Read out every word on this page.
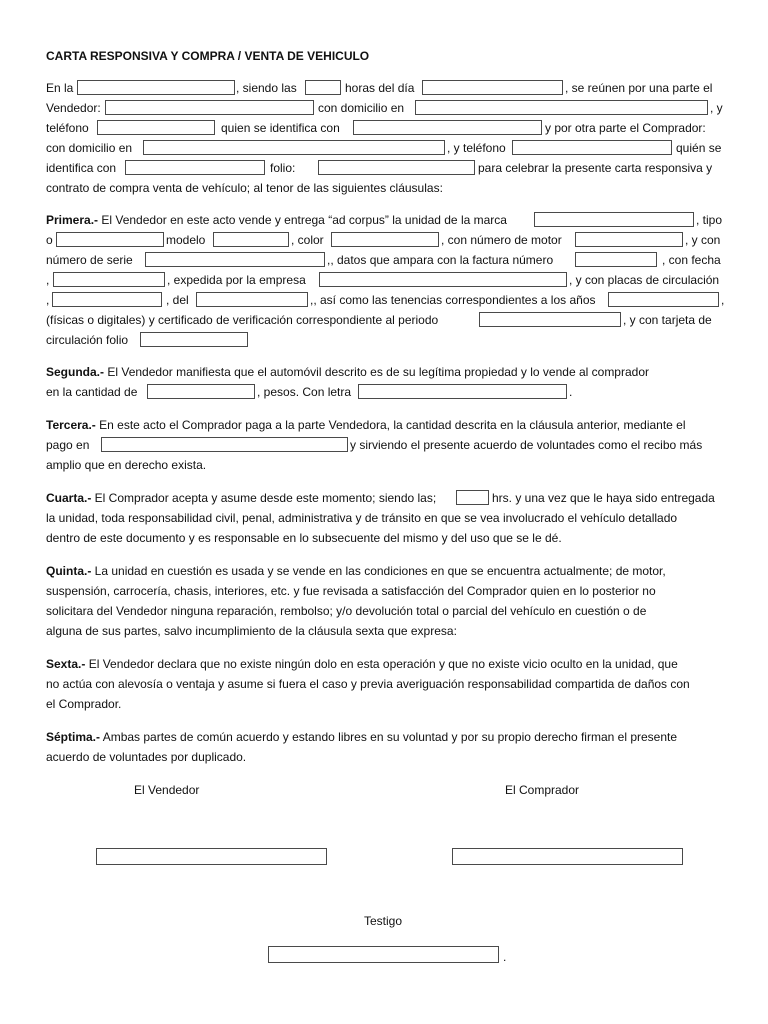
CARTA RESPONSIVA Y COMPRA / VENTA DE VEHICULO
En la	, siendo las	horas del día	, se reúnen por una parte el
Vendedor:	con domicilio en	, y
teléfono	quien se identifica con	y por otra parte el Comprador:
con domicilio en	, y teléfono	quién se
identifica con	folio:	para celebrar la presente carta responsiva y
contrato de compra venta de vehículo; al tenor de las siguientes cláusulas:
Primera.- El Vendedor en este acto vende y entrega “ad corpus” la unidad de la marca	, tipo
o	modelo	, color	, con número de motor	, y con
número de serie	,, datos que ampara con la factura número	, con fecha
,	, expedida por la empresa	, y con placas de circulación
,	, del	,, así como las tenencias correspondientes a los años	,
(físicas o digitales) y certificado de verificación correspondiente al periodo	, y con tarjeta de
circulación folio
Segunda.- El Vendedor manifiesta que el automóvil descrito es de su legítima propiedad y lo vende al comprador
en la cantidad de	, pesos. Con letra	.
Tercera.- En este acto el Comprador paga a la parte Vendedora, la cantidad descrita en la cláusula anterior, mediante el
pago en	y sirviendo el presente acuerdo de voluntades como el recibo más
amplio que en derecho exista.
Cuarta.- El Comprador acepta y asume desde este momento; siendo las;	hrs. y una vez que le haya sido entregada
la unidad, toda responsabilidad civil, penal, administrativa y de tránsito en que se vea involucrado el vehículo detallado
dentro de este documento y es responsable en lo subsecuente del mismo y del uso que se le dé.
Quinta.- La unidad en cuestión es usada y se vende en las condiciones en que se encuentra actualmente; de motor,
suspensión, carrocería, chasis, interiores, etc. y fue revisada a satisfacción del Comprador quien en lo posterior no
solicitara del Vendedor ninguna reparación, rembolso; y/o devolución total o parcial del vehículo en cuestión o de
alguna de sus partes, salvo incumplimiento de la cláusula sexta que expresa:
Sexta.- El Vendedor declara que no existe ningún dolo en esta operación y que no existe vicio oculto en la unidad, que
no actúa con alevosía o ventaja y asume si fuera el caso y previa averiguación responsabilidad compartida de daños con
el Comprador.
Séptima.- Ambas partes de común acuerdo y estando libres en su voluntad y por su propio derecho firman el presente
acuerdo de voluntades por duplicado.
El Vendedor	El Comprador
Testigo
.
